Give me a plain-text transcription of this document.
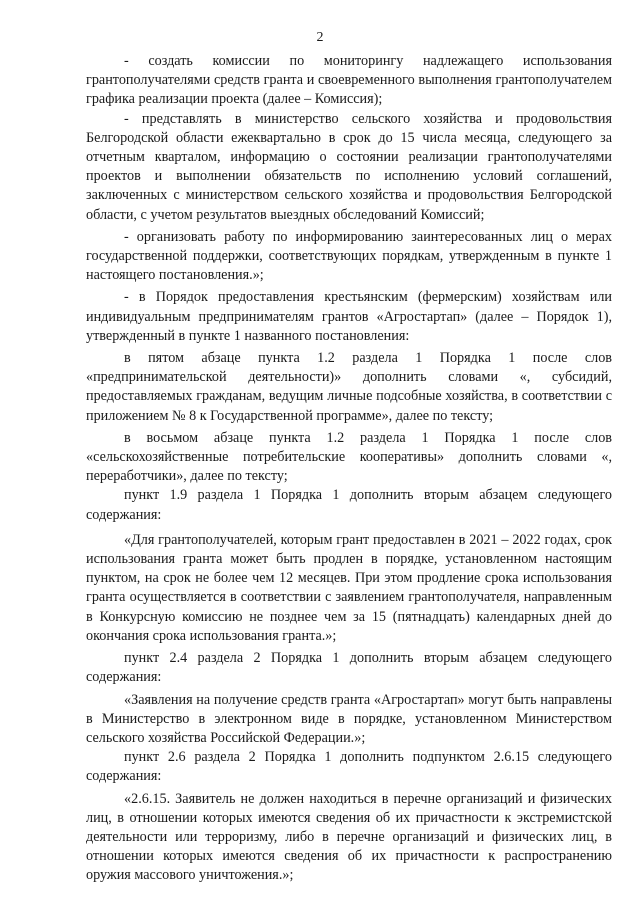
2

- создать комиссии по мониторингу надлежащего использования грантополучателями средств гранта и своевременного выполнения грантополучателем графика реализации проекта (далее – Комиссия);

- представлять в министерство сельского хозяйства и продовольствия Белгородской области ежеквартально в срок до 15 числа месяца, следующего за отчетным кварталом, информацию о состоянии реализации грантополучателями проектов и выполнении обязательств по исполнению условий соглашений, заключенных с министерством сельского хозяйства и продовольствия Белгородской области, с учетом результатов выездных обследований Комиссий;

- организовать работу по информированию заинтересованных лиц о мерах государственной поддержки, соответствующих порядкам, утвержденным в пункте 1 настоящего постановления.»;

- в Порядок предоставления крестьянским (фермерским) хозяйствам или индивидуальным предпринимателям грантов «Агростартап» (далее – Порядок 1), утвержденный в пункте 1 названного постановления:

в пятом абзаце пункта 1.2 раздела 1 Порядка 1 после слов «предпринимательской деятельности)» дополнить словами «, субсидий, предоставляемых гражданам, ведущим личные подсобные хозяйства, в соответствии с приложением № 8 к Государственной программе», далее по тексту;

в восьмом абзаце пункта 1.2 раздела 1 Порядка 1 после слов «сельскохозяйственные потребительские кооперативы» дополнить словами «, переработчики», далее по тексту;

пункт 1.9 раздела 1 Порядка 1 дополнить вторым абзацем следующего содержания:

«Для грантополучателей, которым грант предоставлен в 2021 – 2022 годах, срок использования гранта может быть продлен в порядке, установленном настоящим пунктом, на срок не более чем 12 месяцев. При этом продление срока использования гранта осуществляется в соответствии с заявлением грантополучателя, направленным в Конкурсную комиссию не позднее чем за 15 (пятнадцать) календарных дней до окончания срока использования гранта.»;

пункт 2.4 раздела 2 Порядка 1 дополнить вторым абзацем следующего содержания:

«Заявления на получение средств гранта «Агростартап» могут быть направлены в Министерство в электронном виде в порядке, установленном Министерством сельского хозяйства Российской Федерации.»;

пункт 2.6 раздела 2 Порядка 1 дополнить подпунктом 2.6.15 следующего содержания:

«2.6.15. Заявитель не должен находиться в перечне организаций и физических лиц, в отношении которых имеются сведения об их причастности к экстремистской деятельности или терроризму, либо в перечне организаций и физических лиц, в отношении которых имеются сведения об их причастности к распространению оружия массового уничтожения.»;
